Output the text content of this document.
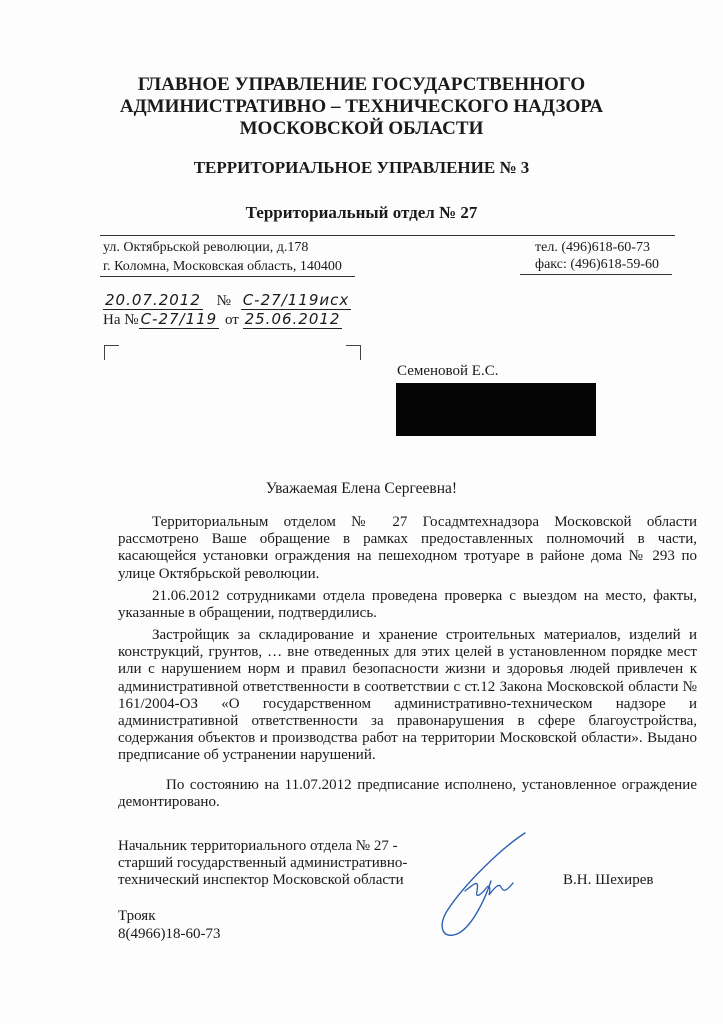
ГЛАВНОЕ УПРАВЛЕНИЕ ГОСУДАРСТВЕННОГО
АДМИНИСТРАТИВНО – ТЕХНИЧЕСКОГО НАДЗОРА
МОСКОВСКОЙ ОБЛАСТИ
ТЕРРИТОРИАЛЬНОЕ УПРАВЛЕНИЕ № 3
Территориальный отдел № 27
ул. Октябрьской революции, д.178
г. Коломна, Московская область, 140400
тел. (496)618-60-73
факс: (496)618-59-60
20.07.2012 № С-27/119исх
На № С-27/119 от 25.06.2012
Семеновой Е.С.
Уважаемая Елена Сергеевна!

Территориальным отделом № 27 Госадмтехнадзора Московской области рассмотрено Ваше обращение в рамках предоставленных полномочий в части, касающейся установки ограждения на пешеходном тротуаре в районе дома № 293 по улице Октябрьской революции.

21.06.2012 сотрудниками отдела проведена проверка с выездом на место, факты, указанные в обращении, подтвердились.

Застройщик за складирование и хранение строительных материалов, изделий и конструкций, грунтов, … вне отведенных для этих целей в установленном порядке мест или с нарушением норм и правил безопасности жизни и здоровья людей привлечен к административной ответственности в соответствии с ст.12 Закона Московской области № 161/2004-ОЗ «О государственном административно-техническом надзоре и административной ответственности за правонарушения в сфере благоустройства, содержания объектов и производства работ на территории Московской области». Выдано предписание об устранении нарушений.

По состоянию на 11.07.2012 предписание исполнено, установленное ограждение демонтировано.

Начальник территориального отдела № 27 -
старший государственный административно-
технический инспектор Московской области	В.Н. Шехирев
Трояк
8(4966)18-60-73
